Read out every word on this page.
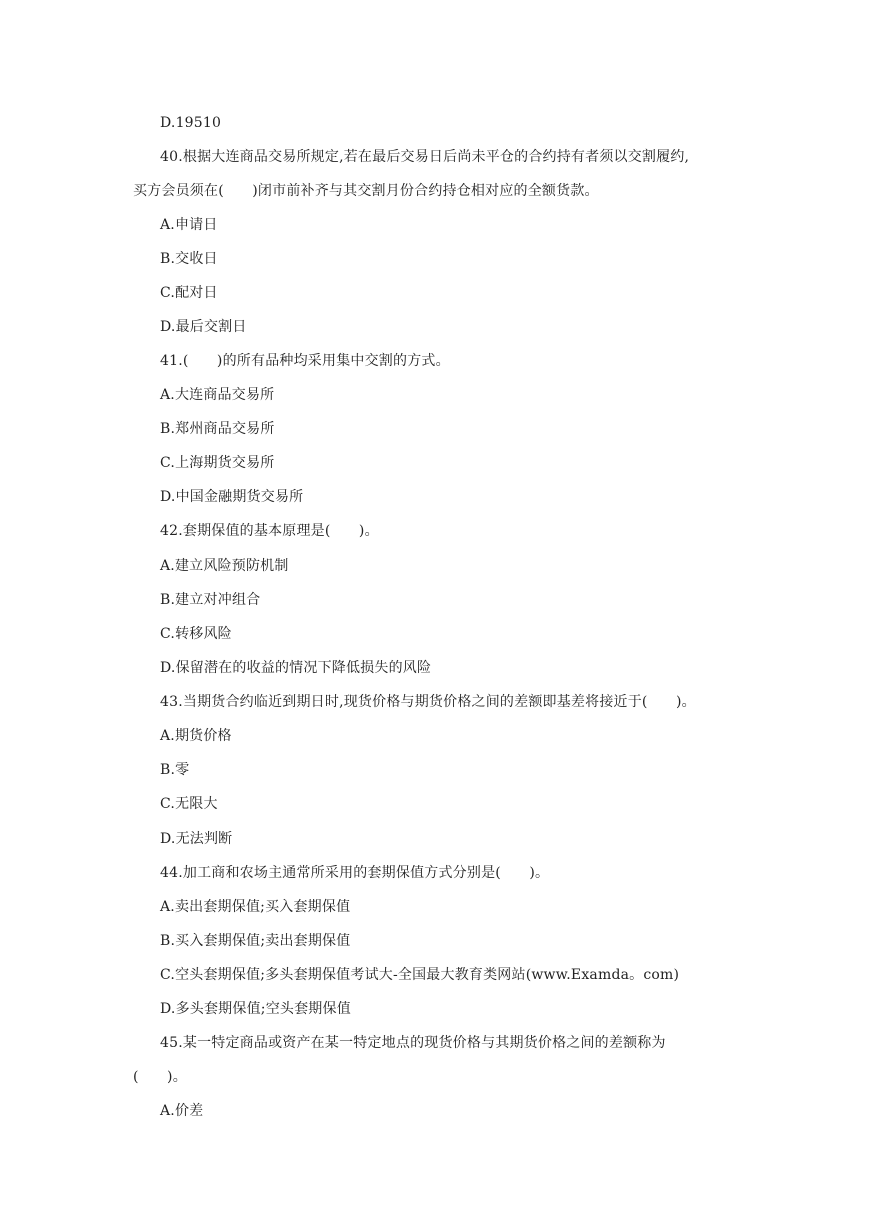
D.19510
40.根据大连商品交易所规定,若在最后交易日后尚未平仓的合约持有者须以交割履约,
买方会员须在(　　)闭市前补齐与其交割月份合约持仓相对应的全额货款。
A.申请日
B.交收日
C.配对日
D.最后交割日
41.(　　)的所有品种均采用集中交割的方式。
A.大连商品交易所
B.郑州商品交易所
C.上海期货交易所
D.中国金融期货交易所
42.套期保值的基本原理是(　　)。
A.建立风险预防机制
B.建立对冲组合
C.转移风险
D.保留潜在的收益的情况下降低损失的风险
43.当期货合约临近到期日时,现货价格与期货价格之间的差额即基差将接近于(　　)。
A.期货价格
B.零
C.无限大
D.无法判断
44.加工商和农场主通常所采用的套期保值方式分别是(　　)。
A.卖出套期保值;买入套期保值
B.买入套期保值;卖出套期保值
C.空头套期保值;多头套期保值考试大-全国最大教育类网站(www.Examda。com)
D.多头套期保值;空头套期保值
45.某一特定商品或资产在某一特定地点的现货价格与其期货价格之间的差额称为
(　　)。
A.价差
